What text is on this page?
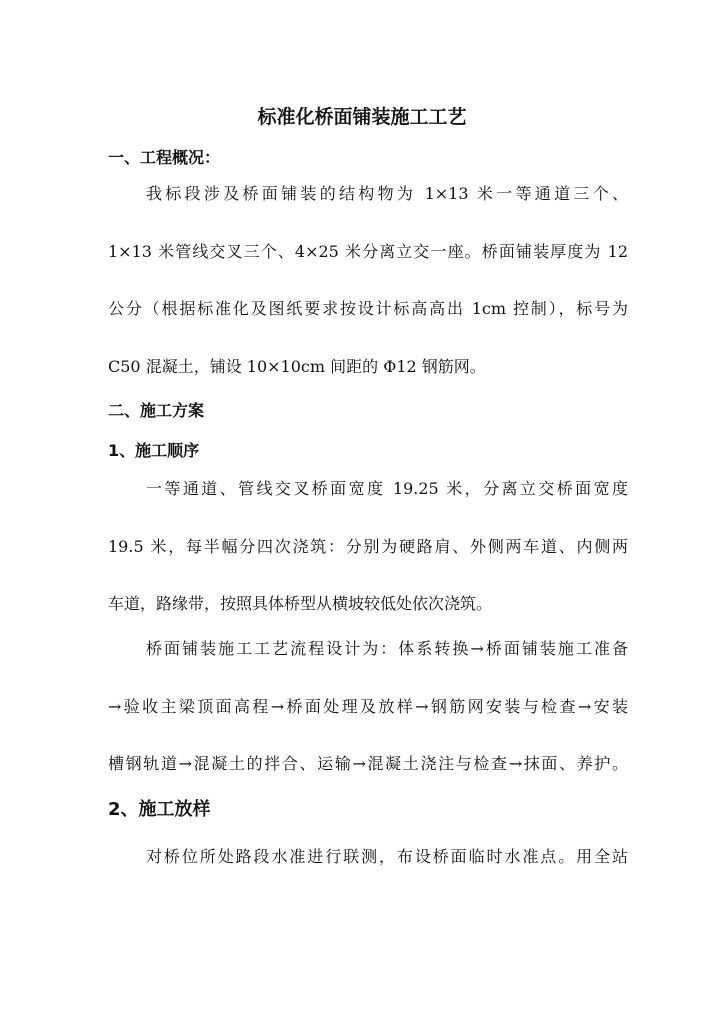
标准化桥面铺装施工工艺
一、工程概况：
我标段涉及桥面铺装的结构物为 1×13 米一等通道三个、
1×13 米管线交叉三个、4×25 米分离立交一座。桥面铺装厚度为 12
公分（根据标准化及图纸要求按设计标高高出 1cm 控制），标号为
C50 混凝土，铺设 10×10cm 间距的 Φ12 钢筋网。
二、施工方案
1、施工顺序
一等通道、管线交叉桥面宽度 19.25 米，分离立交桥面宽度
19.5 米，每半幅分四次浇筑：分别为硬路肩、外侧两车道、内侧两
车道，路缘带，按照具体桥型从横坡较低处依次浇筑。
桥面铺装施工工艺流程设计为：体系转换→桥面铺装施工准备
→验收主梁顶面高程→桥面处理及放样→钢筋网安装与检查→安装
槽钢轨道→混凝土的拌合、运输→混凝土浇注与检查→抹面、养护。
2、施工放样
对桥位所处路段水准进行联测，布设桥面临时水准点。用全站
